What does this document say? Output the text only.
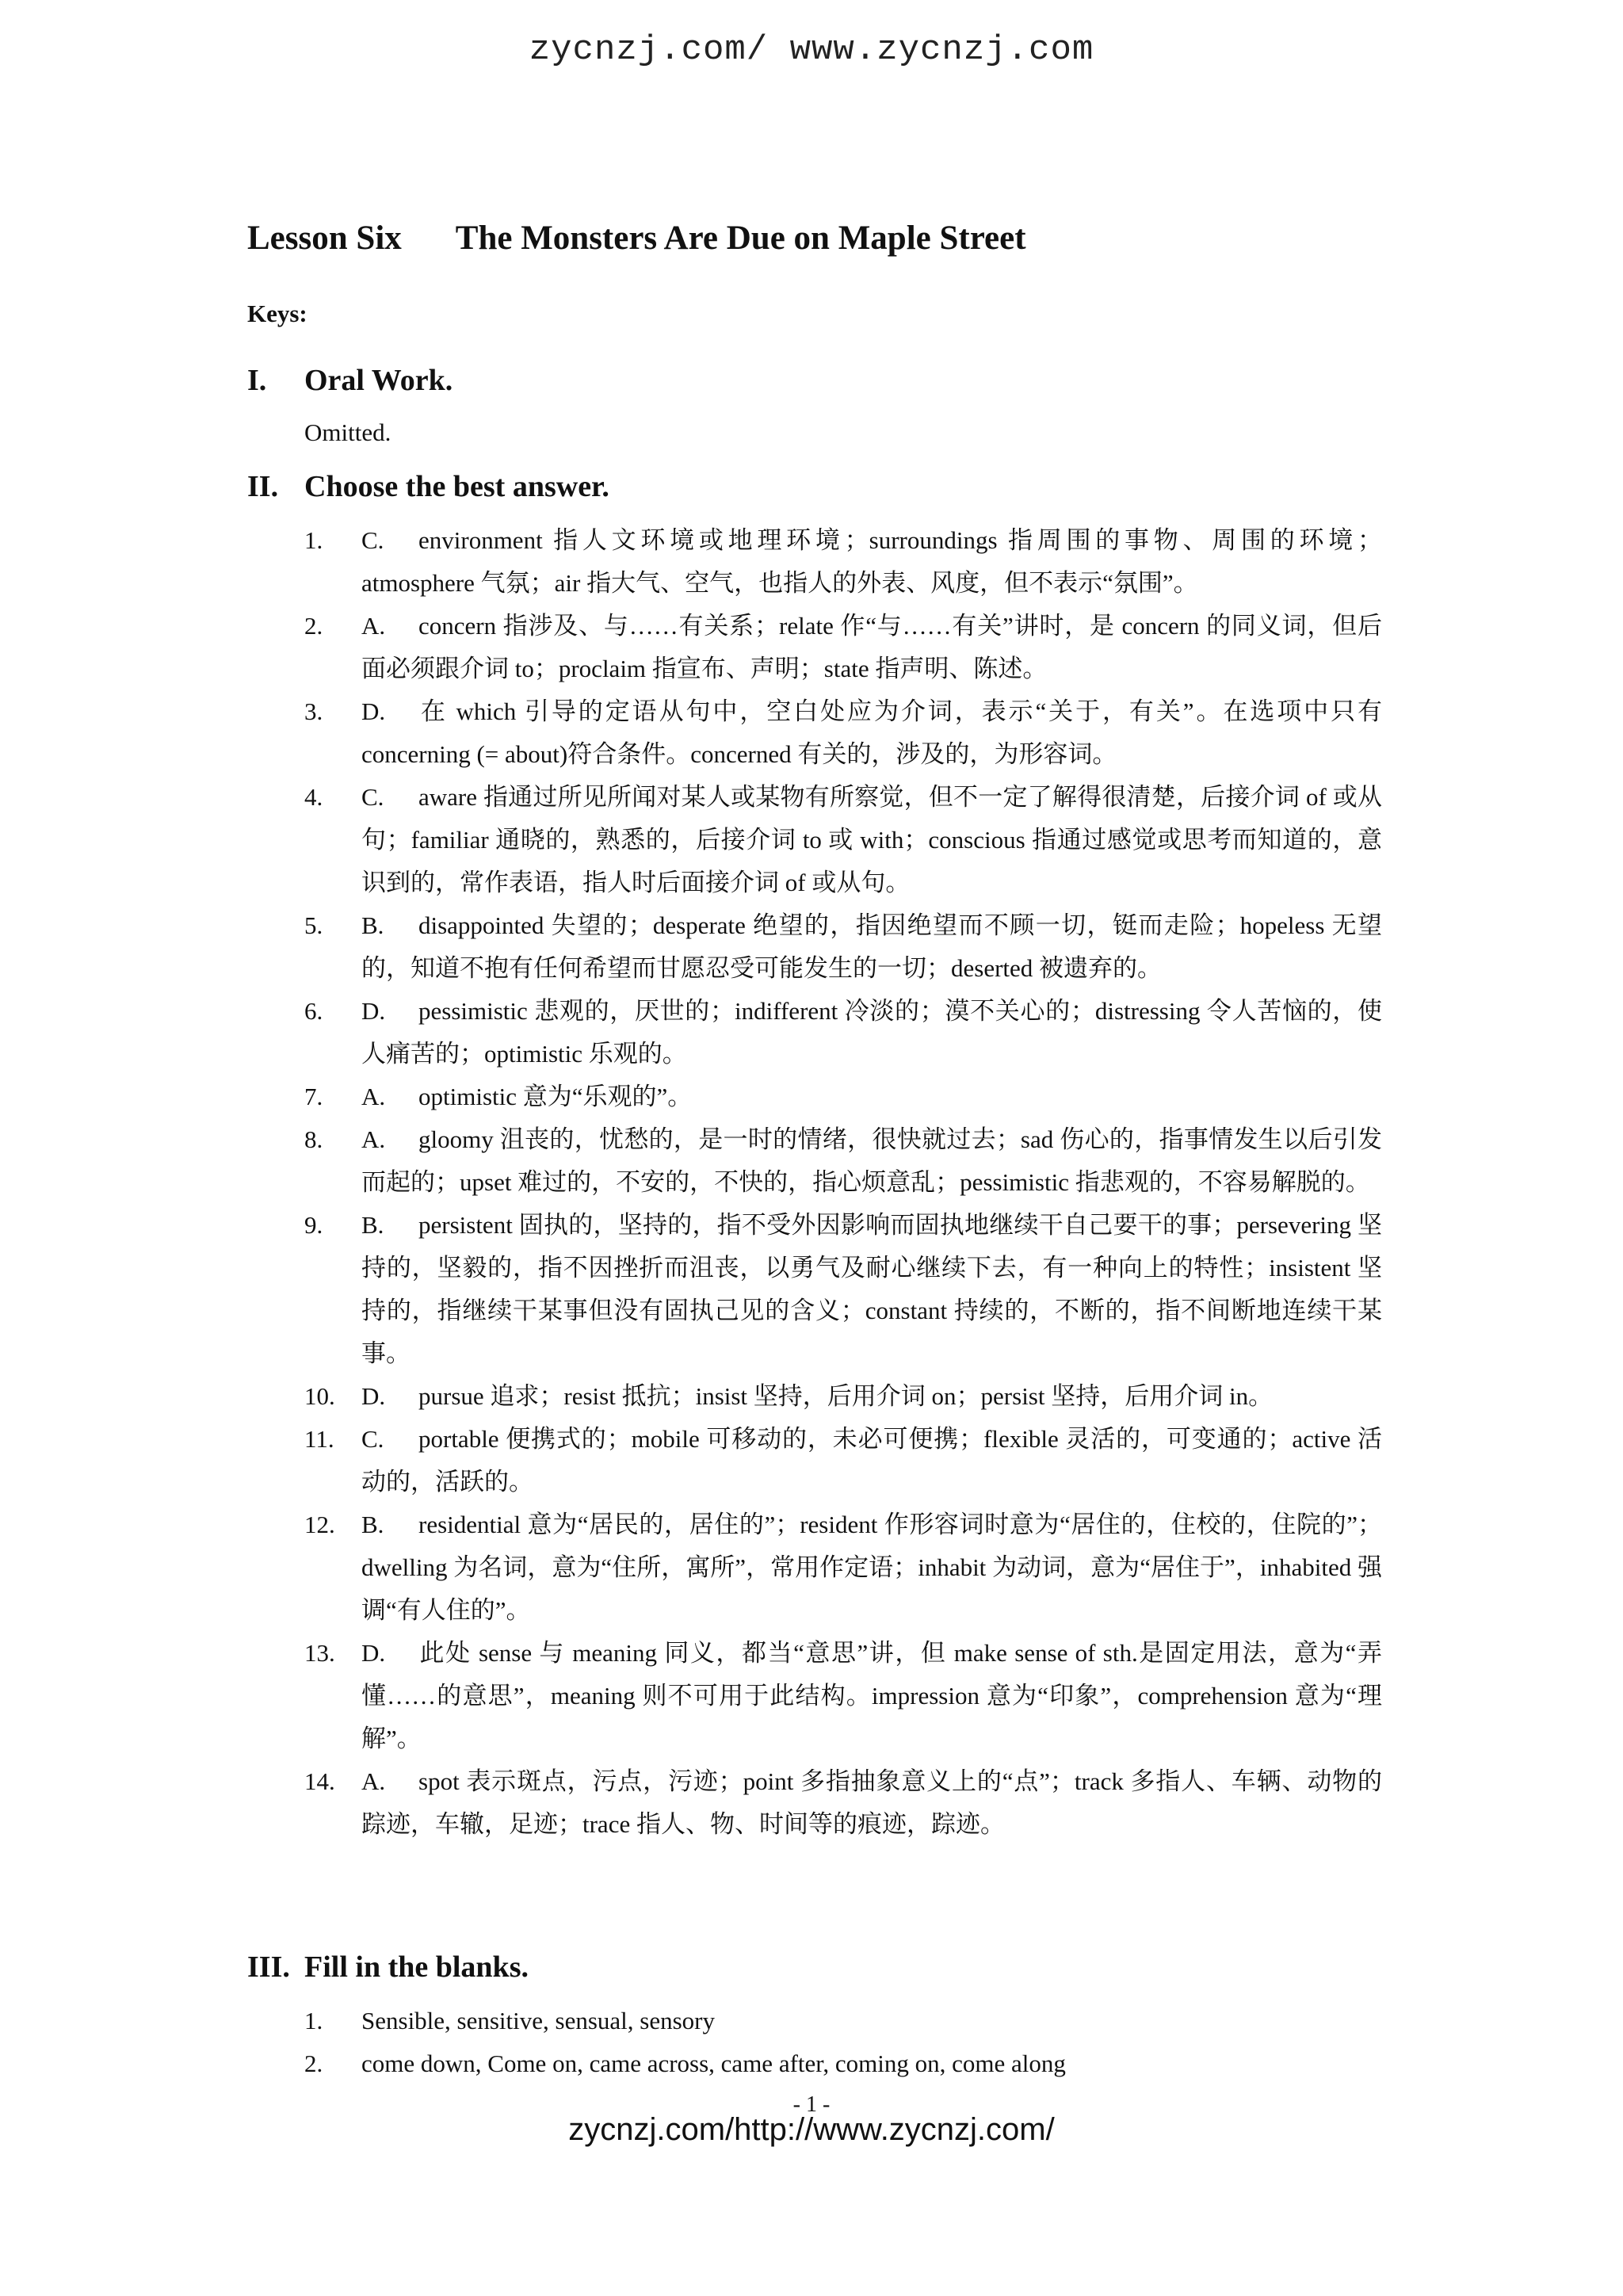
zycnzj.com/ www.zycnzj.com
Lesson Six The Monsters Are Due on Maple Street
Keys:
I. Oral Work.
Omitted.
II. Choose the best answer.
1.	C. environment 指人文环境或地理环境；surroundings 指周围的事物、周围的环境；atmosphere 气氛；air 指大气、空气，也指人的外表、风度，但不表示“氛围”。
2.	A. concern 指涉及、与……有关系；relate 作“与……有关”讲时，是 concern 的同义词，但后面必须跟介词 to；proclaim 指宣布、声明；state 指声明、陈述。
3.	D. 在 which 引导的定语从句中，空白处应为介词，表示“关于，有关”。在选项中只有 concerning (= about)符合条件。concerned 有关的，涉及的，为形容词。
4.	C. aware 指通过所见所闻对某人或某物有所察觉，但不一定了解得很清楚，后接介词 of 或从句；familiar 通晓的，熟悉的，后接介词 to 或 with；conscious 指通过感觉或思考而知道的，意识到的，常作表语，指人时后面接介词 of 或从句。
5.	B. disappointed 失望的；desperate 绝望的，指因绝望而不顾一切，铤而走险；hopeless 无望的，知道不抱有任何希望而甘愿忍受可能发生的一切；deserted 被遗弃的。
6.	D. pessimistic 悲观的，厌世的；indifferent 冷淡的；漠不关心的；distressing 令人苦恼的，使人痛苦的；optimistic 乐观的。
7.	A. optimistic 意为“乐观的”。
8.	A. gloomy 沮丧的，忧愁的，是一时的情绪，很快就过去；sad 伤心的，指事情发生以后引发而起的；upset 难过的，不安的，不快的，指心烦意乱；pessimistic 指悲观的，不容易解脱的。
9.	B. persistent 固执的，坚持的，指不受外因影响而固执地继续干自己要干的事；persevering 坚持的，坚毅的，指不因挫折而沮丧，以勇气及耐心继续下去，有一种向上的特性；insistent 坚持的，指继续干某事但没有固执己见的含义；constant 持续的，不断的，指不间断地连续干某事。
10.	D. pursue 追求；resist 抵抗；insist 坚持，后用介词 on；persist 坚持，后用介词 in。
11.	C. portable 便携式的；mobile 可移动的，未必可便携；flexible 灵活的，可变通的；active 活动的，活跃的。
12.	B. residential 意为“居民的，居住的”；resident 作形容词时意为“居住的，住校的，住院的”；dwelling 为名词，意为“住所，寓所”，常用作定语；inhabit 为动词，意为“居住于”，inhabited 强调“有人住的”。
13.	D. 此处 sense 与 meaning 同义，都当“意思”讲，但 make sense of sth.是固定用法，意为“弄懂……的意思”，meaning 则不可用于此结构。impression 意为“印象”，comprehension 意为“理解”。
14.	A. spot 表示斑点，污点，污迹；point 多指抽象意义上的“点”；track 多指人、车辆、动物的踪迹，车辙，足迹；trace 指人、物、时间等的痕迹，踪迹。
III. Fill in the blanks.
1.	Sensible, sensitive, sensual, sensory
2.	come down, Come on, came across, came after, coming on, come along
- 1 -
zycnzj.com/http://www.zycnzj.com/
